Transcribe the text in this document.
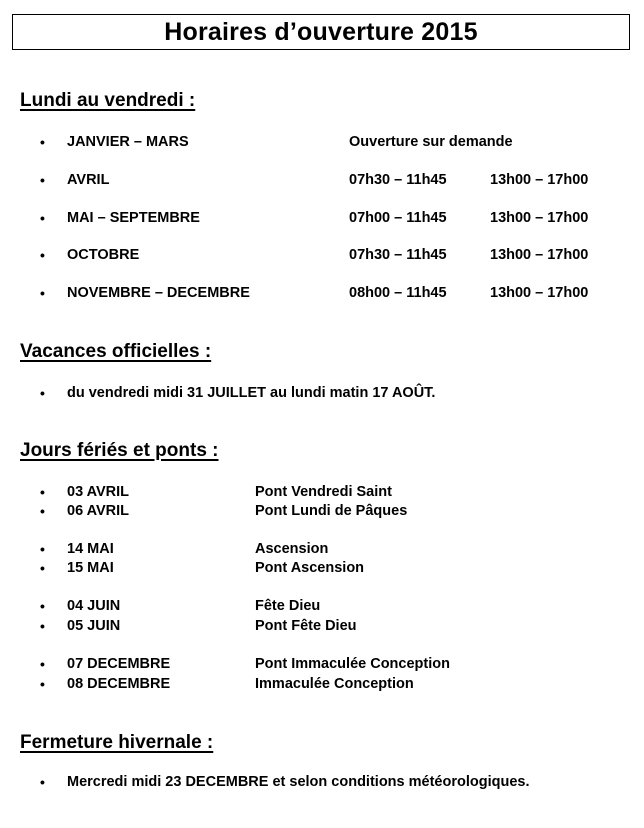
Horaires d’ouverture 2015
Lundi au vendredi :
•	JANVIER – MARS	Ouverture sur demande
•	AVRIL	07h30 – 11h45	13h00 – 17h00
•	MAI – SEPTEMBRE	07h00 – 11h45	13h00 – 17h00
•	OCTOBRE	07h30 – 11h45	13h00 – 17h00
•	NOVEMBRE – DECEMBRE	08h00 – 11h45	13h00 – 17h00
Vacances officielles :
•	du vendredi midi 31 JUILLET au lundi matin 17 AOÛT.
Jours fériés et ponts :
•	03 AVRIL	Pont Vendredi Saint
•	06 AVRIL	Pont Lundi de Pâques
•	14 MAI	Ascension
•	15 MAI	Pont Ascension
•	04 JUIN	Fête Dieu
•	05 JUIN	Pont Fête Dieu
•	07 DECEMBRE	Pont Immaculée Conception
•	08 DECEMBRE	Immaculée Conception
Fermeture hivernale :
•	Mercredi midi 23 DECEMBRE et selon conditions météorologiques.
